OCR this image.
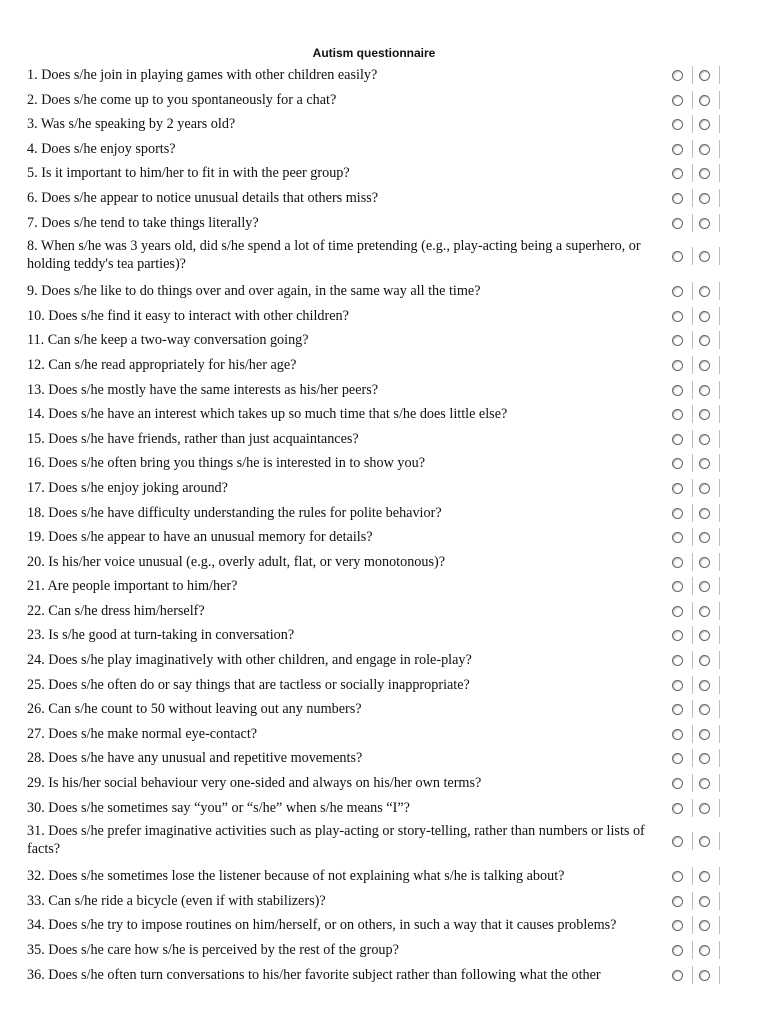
Autism questionnaire
1. Does s/he join in playing games with other children easily?
2. Does s/he come up to you spontaneously for a chat?
3. Was s/he speaking by 2 years old?
4. Does s/he enjoy sports?
5. Is it important to him/her to fit in with the peer group?
6. Does s/he appear to notice unusual details that others miss?
7. Does s/he tend to take things literally?
8. When s/he was 3 years old, did s/he spend a lot of time pretending (e.g., play-acting being a superhero, or holding teddy's tea parties)?
9. Does s/he like to do things over and over again, in the same way all the time?
10. Does s/he find it easy to interact with other children?
11. Can s/he keep a two-way conversation going?
12. Can s/he read appropriately for his/her age?
13. Does s/he mostly have the same interests as his/her peers?
14. Does s/he have an interest which takes up so much time that s/he does little else?
15. Does s/he have friends, rather than just acquaintances?
16. Does s/he often bring you things s/he is interested in to show you?
17. Does s/he enjoy joking around?
18. Does s/he have difficulty understanding the rules for polite behavior?
19. Does s/he appear to have an unusual memory for details?
20. Is his/her voice unusual (e.g., overly adult, flat, or very monotonous)?
21. Are people important to him/her?
22. Can s/he dress him/herself?
23. Is s/he good at turn-taking in conversation?
24. Does s/he play imaginatively with other children, and engage in role-play?
25. Does s/he often do or say things that are tactless or socially inappropriate?
26. Can s/he count to 50 without leaving out any numbers?
27. Does s/he make normal eye-contact?
28. Does s/he have any unusual and repetitive movements?
29. Is his/her social behaviour very one-sided and always on his/her own terms?
30. Does s/he sometimes say “you” or “s/he” when s/he means “I”?
31. Does s/he prefer imaginative activities such as play-acting or story-telling, rather than numbers or lists of facts?
32. Does s/he sometimes lose the listener because of not explaining what s/he is talking about?
33. Can s/he ride a bicycle (even if with stabilizers)?
34. Does s/he try to impose routines on him/herself, or on others, in such a way that it causes problems?
35. Does s/he care how s/he is perceived by the rest of the group?
36. Does s/he often turn conversations to his/her favorite subject rather than following what the other
